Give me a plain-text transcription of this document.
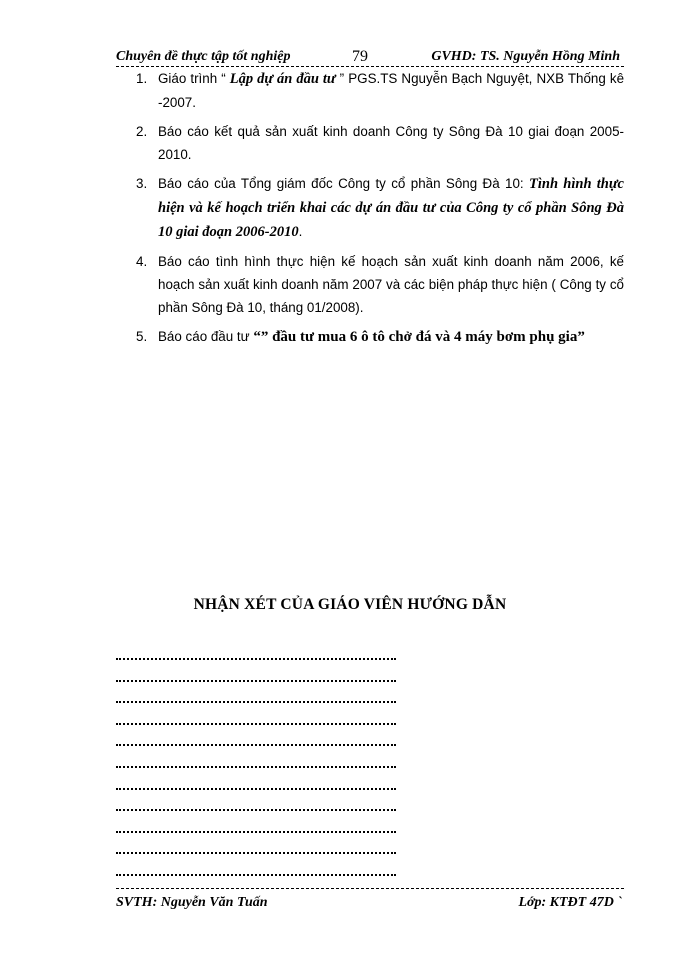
Chuyên đề thực tập tốt nghiệp	79	GVHD: TS. Nguyễn Hồng Minh
1. Giáo trình “ Lập dự án đầu tư ” PGS.TS Nguyễn Bạch Nguyệt, NXB Thống kê -2007.
2. Báo cáo kết quả sản xuất kinh doanh Công ty Sông Đà 10 giai đoạn 2005-2010.
3. Báo cáo của Tổng giám đốc Công ty cổ phần Sông Đà 10: Tình hình thực hiện và kế hoạch triển khai các dự án đầu tư của Công ty cổ phần Sông Đà 10 giai đoạn 2006-2010.
4. Báo cáo tình hình thực hiện kế hoạch sản xuất kinh doanh năm 2006, kế hoạch sản xuất kinh doanh năm 2007 và các biện pháp thực hiện ( Công ty cổ phần Sông Đà 10, tháng 01/2008).
5. Báo cáo đầu tư “” đầu tư mua 6 ô tô chở đá và 4 máy bơm phụ gia”
NHẬN XÉT CỦA GIÁO VIÊN HƯỚNG DẪN
SVTH: Nguyễn Văn Tuấn	Lớp: KTĐT 47D `
